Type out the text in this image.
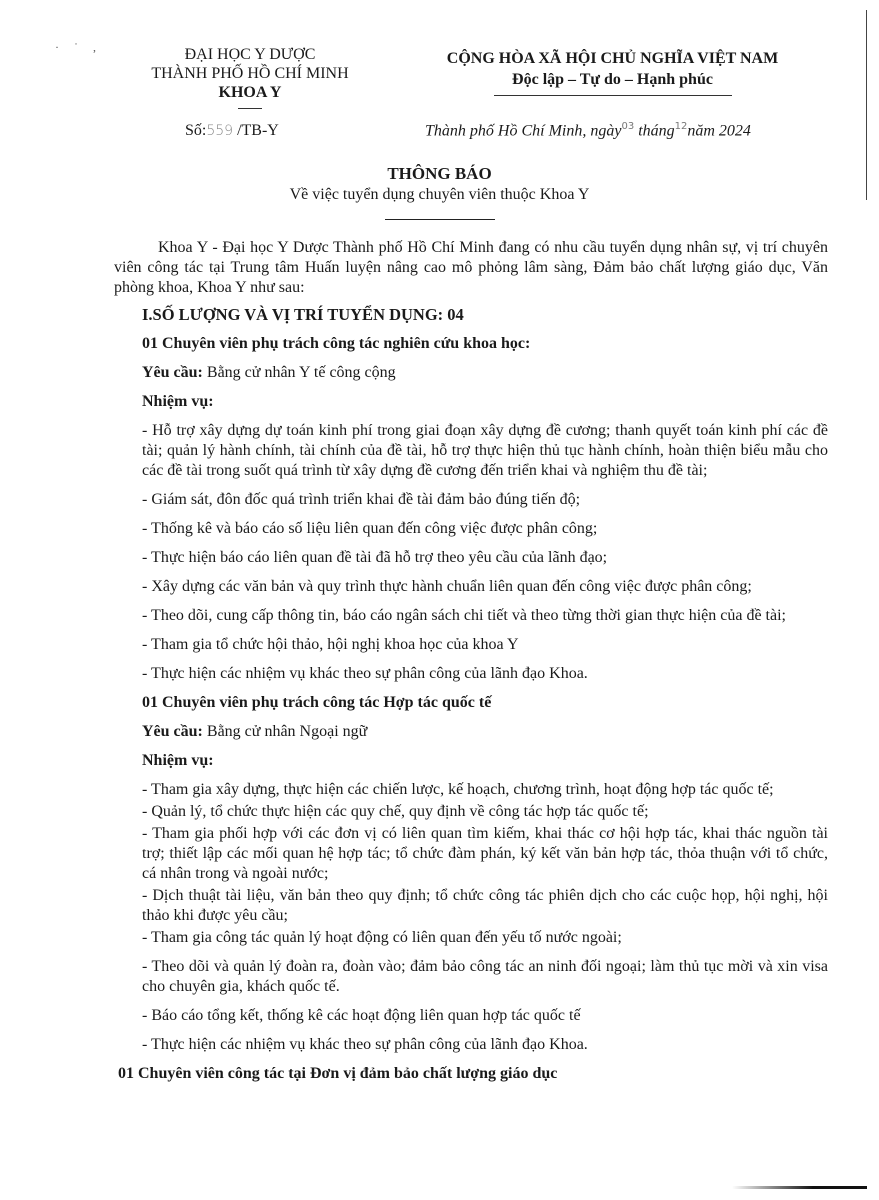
· ˙ ,	ĐẠI HỌC Y DƯỢC
THÀNH PHỐ HỒ CHÍ MINH
KHOA Y
CỘNG HÒA XÃ HỘI CHỦ NGHĨA VIỆT NAM
Độc lập – Tự do – Hạnh phúc
Số:559 /TB-Y	Thành phố Hồ Chí Minh, ngày$^{03}$ tháng$^{12}$năm 2024
THÔNG BÁO
Về việc tuyển dụng chuyên viên thuộc Khoa Y

Khoa Y - Đại học Y Dược Thành phố Hồ Chí Minh đang có nhu cầu tuyển dụng nhân sự, vị trí chuyên viên công tác tại Trung tâm Huấn luyện nâng cao mô phỏng lâm sàng, Đảm bảo chất lượng giáo dục, Văn phòng khoa, Khoa Y như sau:

I.SỐ LƯỢNG VÀ VỊ TRÍ TUYỂN DỤNG: 04

01 Chuyên viên phụ trách công tác nghiên cứu khoa học:

Yêu cầu: Bằng cử nhân Y tế công cộng

Nhiệm vụ:

- Hỗ trợ xây dựng dự toán kinh phí trong giai đoạn xây dựng đề cương; thanh quyết toán kinh phí các đề tài; quản lý hành chính, tài chính của đề tài, hỗ trợ thực hiện thủ tục hành chính, hoàn thiện biểu mẫu cho các đề tài trong suốt quá trình từ xây dựng đề cương đến triển khai và nghiệm thu đề tài;

- Giám sát, đôn đốc quá trình triển khai đề tài đảm bảo đúng tiến độ;

- Thống kê và báo cáo số liệu liên quan đến công việc được phân công;

- Thực hiện báo cáo liên quan đề tài đã hỗ trợ theo yêu cầu của lãnh đạo;

- Xây dựng các văn bản và quy trình thực hành chuẩn liên quan đến công việc được phân công;

- Theo dõi, cung cấp thông tin, báo cáo ngân sách chi tiết và theo từng thời gian thực hiện của đề tài;

- Tham gia tổ chức hội thảo, hội nghị khoa học của khoa Y

- Thực hiện các nhiệm vụ khác theo sự phân công của lãnh đạo Khoa.

01 Chuyên viên phụ trách công tác Hợp tác quốc tế

Yêu cầu: Bằng cử nhân Ngoại ngữ

Nhiệm vụ:

- Tham gia xây dựng, thực hiện các chiến lược, kế hoạch, chương trình, hoạt động hợp tác quốc tế;

- Quản lý, tổ chức thực hiện các quy chế, quy định về công tác hợp tác quốc tế;

- Tham gia phối hợp với các đơn vị có liên quan tìm kiếm, khai thác cơ hội hợp tác, khai thác nguồn tài trợ; thiết lập các mối quan hệ hợp tác; tổ chức đàm phán, ký kết văn bản hợp tác, thỏa thuận với tổ chức, cá nhân trong và ngoài nước;

- Dịch thuật tài liệu, văn bản theo quy định; tổ chức công tác phiên dịch cho các cuộc họp, hội nghị, hội thảo khi được yêu cầu;

- Tham gia công tác quản lý hoạt động có liên quan đến yếu tố nước ngoài;

- Theo dõi và quản lý đoàn ra, đoàn vào; đảm bảo công tác an ninh đối ngoại; làm thủ tục mời và xin visa cho chuyên gia, khách quốc tế.

- Báo cáo tổng kết, thống kê các hoạt động liên quan hợp tác quốc tế

- Thực hiện các nhiệm vụ khác theo sự phân công của lãnh đạo Khoa.

01 Chuyên viên công tác tại Đơn vị đảm bảo chất lượng giáo dục
